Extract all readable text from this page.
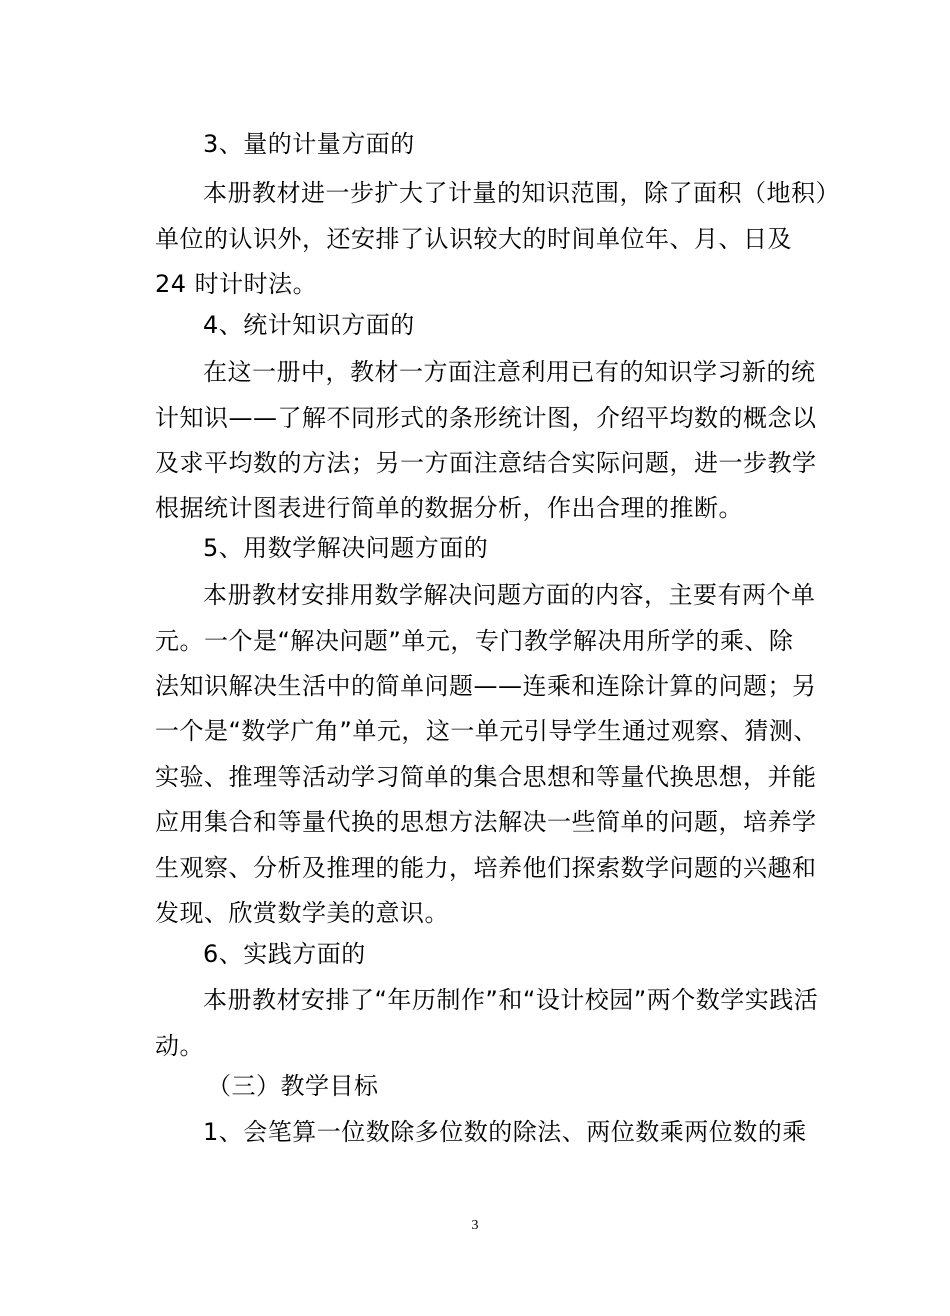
3、量的计量方面的
本册教材进一步扩大了计量的知识范围，除了面积（地积）
单位的认识外，还安排了认识较大的时间单位年、月、日及
24 时计时法。
4、统计知识方面的
在这一册中，教材一方面注意利用已有的知识学习新的统
计知识——了解不同形式的条形统计图，介绍平均数的概念以
及求平均数的方法；另一方面注意结合实际问题，进一步教学
根据统计图表进行简单的数据分析，作出合理的推断。
5、用数学解决问题方面的
本册教材安排用数学解决问题方面的内容，主要有两个单
元。一个是“解决问题”单元，专门教学解决用所学的乘、除
法知识解决生活中的简单问题——连乘和连除计算的问题；另
一个是“数学广角”单元，这一单元引导学生通过观察、猜测、
实验、推理等活动学习简单的集合思想和等量代换思想，并能
应用集合和等量代换的思想方法解决一些简单的问题，培养学
生观察、分析及推理的能力，培养他们探索数学问题的兴趣和
发现、欣赏数学美的意识。
6、实践方面的
本册教材安排了“年历制作”和“设计校园”两个数学实践活
动。
（三）教学目标
1、会笔算一位数除多位数的除法、两位数乘两位数的乘
3
